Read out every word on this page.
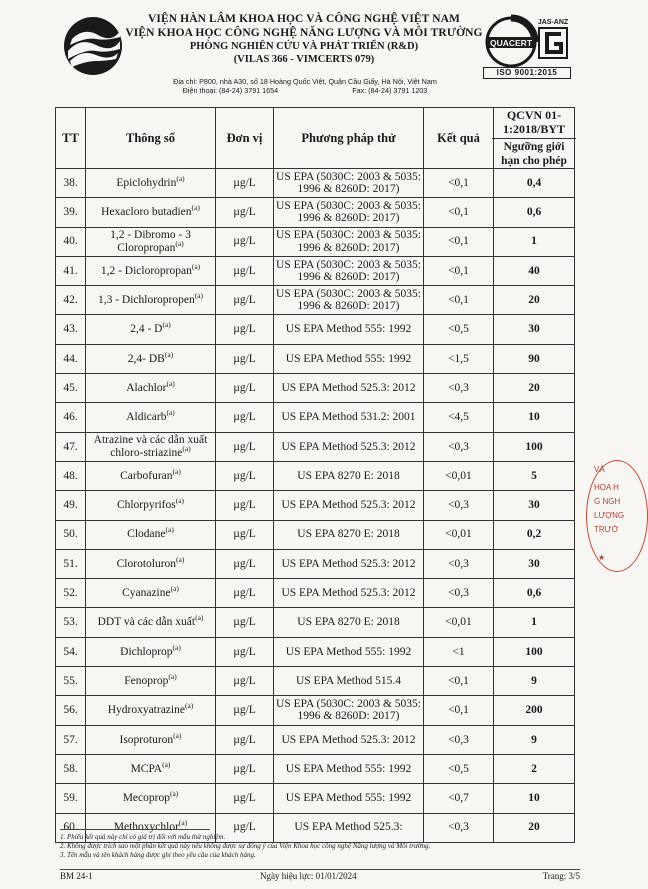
VIỆN HÀN LÂM KHOA HỌC VÀ CÔNG NGHỆ VIỆT NAM
VIỆN KHOA HỌC CÔNG NGHỆ NĂNG LƯỢNG VÀ MÔI TRƯỜNG
PHÒNG NGHIÊN CỨU VÀ PHÁT TRIỂN (R&D)
(VILAS 366 - VIMCERTS 079)
Địa chỉ: P800, nhà A30, số 18 Hoàng Quốc Việt, Quận Cầu Giấy, Hà Nội, Việt Nam
Điện thoại: (84-24) 3791 1654	Fax: (84-24) 3791 1203
QUACERT
JAS-ANZ
ISO 9001:2015
TT	Thông số	Đơn vị	Phương pháp thử	Kết quả	QCVN 01-1:2018/BYT
Ngưỡng giới hạn cho phép

38.	Epiclohydrin$^{(a)}$	µg/L	US EPA (5030C: 2003 & 5035: 1996 & 8260D: 2017)	<0,1	0,4
39.	Hexacloro butadien$^{(a)}$	µg/L	US EPA (5030C: 2003 & 5035: 1996 & 8260D: 2017)	<0,1	0,6
40.	1,2 - Dibromo - 3 Cloropropan$^{(a)}$	µg/L	US EPA (5030C: 2003 & 5035: 1996 & 8260D: 2017)	<0,1	1
41.	1,2 - Dicloropropan$^{(a)}$	µg/L	US EPA (5030C: 2003 & 5035: 1996 & 8260D: 2017)	<0,1	40
42.	1,3 - Dichloropropen$^{(a)}$	µg/L	US EPA (5030C: 2003 & 5035: 1996 & 8260D: 2017)	<0,1	20
43.	$2,4 - D^{(a)}$	µg/L	US EPA Method 555: 1992	<0,5	30
44.	2,4- DB$^{(a)}$	µg/L	US EPA Method 555: 1992	<1,5	90
45.	Alachlor$^{(a)}$	µg/L	US EPA Method 525.3: 2012	<0,3	20
46.	Aldicarb$^{(a)}$	µg/L	US EPA Method 531.2: 2001	<4,5	10
47.	Atrazine và các dẫn xuất chloro-striazine$^{(a)}$	µg/L	US EPA Method 525.3: 2012	<0,3	100
48.	Carbofuran$^{(a)}$	µg/L	US EPA 8270 E: 2018	<0,01	5
49.	Chlorpyrifos$^{(a)}$	µg/L	US EPA Method 525.3: 2012	<0,3	30
50.	Clodane$^{(a)}$	µg/L	US EPA 8270 E: 2018	<0,01	0,2
51.	Clorotoluron$^{(a)}$	µg/L	US EPA Method 525.3: 2012	<0,3	30
52.	Cyanazine$^{(a)}$	µg/L	US EPA Method 525.3: 2012	<0,3	0,6
53.	DDT và các dẫn xuất$^{(a)}$	µg/L	US EPA 8270 E: 2018	<0,01	1
54.	Dichloprop$^{(a)}$	µg/L	US EPA Method 555: 1992	<1	100
55.	Fenoprop$^{(a)}$	µg/L	US EPA Method 515.4	<0,1	9
56.	Hydroxyatrazine$^{(a)}$	µg/L	US EPA (5030C: 2003 & 5035: 1996 & 8260D: 2017)	<0,1	200
57.	Isoproturon$^{(a)}$	µg/L	US EPA Method 525.3: 2012	<0,3	9
58.	MCPA$^{(a)}$	µg/L	US EPA Method 555: 1992	<0,5	2
59.	Mecoprop$^{(a)}$	µg/L	US EPA Method 555: 1992	<0,7	10
60.	Methoxychlor$^{(a)}$	µg/L	US EPA Method 525.3:	<0,3	20
1. Phiếu kết quả này chỉ có giá trị đối với mẫu thử nghiệm.
2. Không được trích sao một phần kết quả này nếu không được sự đồng ý của Viện Khoa học công nghệ Năng lượng và Môi trường.
3. Tên mẫu và tên khách hàng được ghi theo yêu cầu của khách hàng.
BM 24-1	Ngày hiệu lực: 01/01/2024	Trang: 3/5
VÀ
HOA H
G NGH
LƯỢNG
TRƯỜ
★
